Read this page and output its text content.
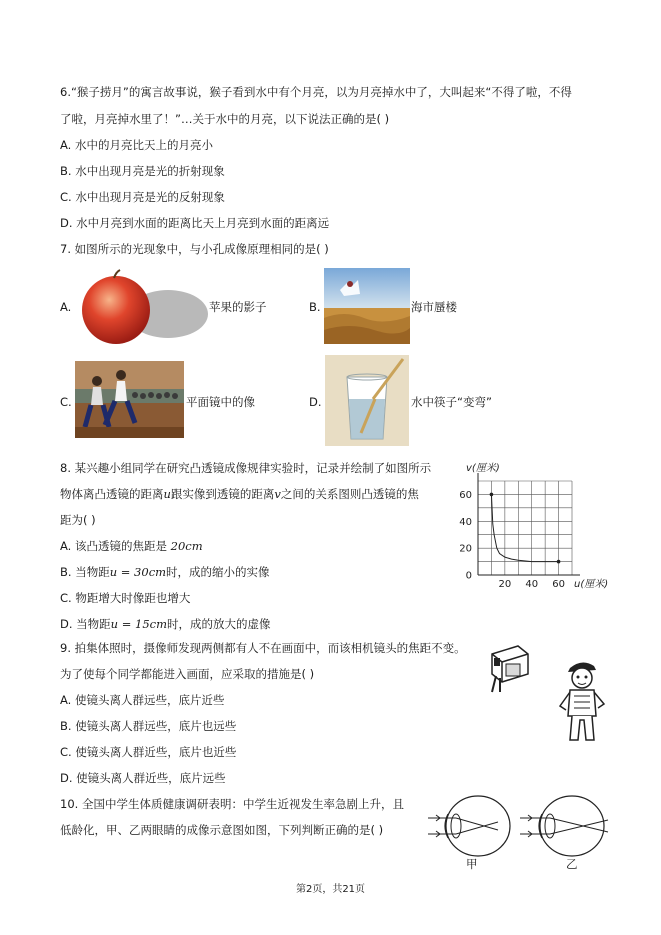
6.“猴子捞月”的寓言故事说，猴子看到水中有个月亮，以为月亮掉水中了，大叫起来“不得了啦，不得
了啦，月亮掉水里了！”…关于水中的月亮，以下说法正确的是( )
A. 水中的月亮比天上的月亮小
B. 水中出现月亮是光的折射现象
C. 水中出现月亮是光的反射现象
D. 水中月亮到水面的距离比天上月亮到水面的距离远
7. 如图所示的光现象中，与小孔成像原理相同的是( )
A.	苹果的影子	B.	海市蜃楼
C.	平面镜中的像	D.	水中筷子“变弯”
8. 某兴趣小组同学在研究凸透镜成像规律实验时，记录并绘制了如图所示
物体离凸透镜的距离u跟实像到透镜的距离v之间的关系图则凸透镜的焦
距为( )
A. 该凸透镜的焦距是 20cm
B. 当物距u = 30cm时，成的缩小的实像
C. 物距增大时像距也增大
D. 当物距u = 15cm时，成的放大的虚像
20 40 60
0
20
40
60
u(厘米)
v(厘米)
9. 拍集体照时，摄像师发现两侧都有人不在画面中，而该相机镜头的焦距不变。
为了使每个同学都能进入画面，应采取的措施是( )
A. 使镜头离人群远些，底片近些
B. 使镜头离人群远些，底片也远些
C. 使镜头离人群近些，底片也近些
D. 使镜头离人群近些，底片远些
10. 全国中学生体质健康调研表明：中学生近视发生率急剧上升，且
低龄化，甲、乙两眼睛的成像示意图如图，下列判断正确的是( )
甲	乙
第2页，共21页
